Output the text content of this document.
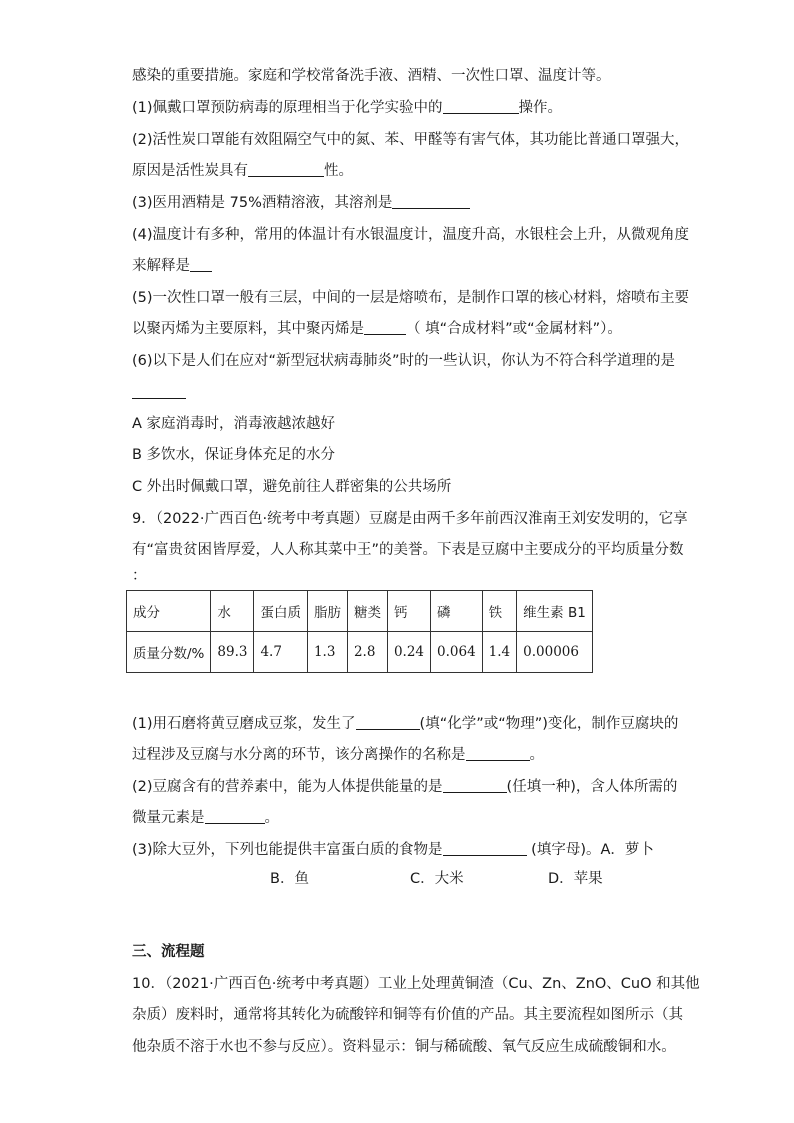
感染的重要措施。家庭和学校常备洗手液、酒精、一次性口罩、温度计等。
(1)佩戴口罩预防病毒的原理相当于化学实验中的	操作。
(2)活性炭口罩能有效阻隔空气中的氮、苯、甲醛等有害气体，其功能比普通口罩强大，
原因是活性炭具有	性。
(3)医用酒精是 75%酒精溶液，其溶剂是
(4)温度计有多种，常用的体温计有水银温度计，温度升高，水银柱会上升，从微观角度
来解释是
(5)一次性口罩一般有三层，中间的一层是熔喷布，是制作口罩的核心材料，熔喷布主要
以聚丙烯为主要原料，其中聚丙烯是	（ 填“合成材料”或“金属材料”）。
(6)以下是人们在应对“新型冠状病毒肺炎”时的一些认识，你认为不符合科学道理的是
A 家庭消毒时，消毒液越浓越好
B 多饮水，保证身体充足的水分
C 外出时佩戴口罩，避免前往人群密集的公共场所
9．（2022·广西百色·统考中考真题）豆腐是由两千多年前西汉淮南王刘安发明的，它享
有“富贵贫困皆厚爱，人人称其菜中王”的美誉。下表是豆腐中主要成分的平均质量分数
：
成分	水	蛋白质	脂肪	糖类	钙	磷	铁	维生素 B1
质量分数/%	89.3	4.7	1.3	2.8	0.24	0.064	1.4	0.00006
(1)用石磨将黄豆磨成豆浆，发生了	(填“化学”或“物理”)变化，制作豆腐块的
过程涉及豆腐与水分离的环节，该分离操作的名称是	。
(2)豆腐含有的营养素中，能为人体提供能量的是	(任填一种)，含人体所需的
微量元素是	。
(3)除大豆外，下列也能提供丰富蛋白质的食物是	(填字母)。A．萝卜
B．鱼	C．大米	D．苹果
三、流程题
10．（2021·广西百色·统考中考真题）工业上处理黄铜渣（Cu、Zn、ZnO、CuO 和其他
杂质）废料时，通常将其转化为硫酸锌和铜等有价值的产品。其主要流程如图所示（其
他杂质不溶于水也不参与反应）。资料显示：铜与稀硫酸、氧气反应生成硫酸铜和水。
